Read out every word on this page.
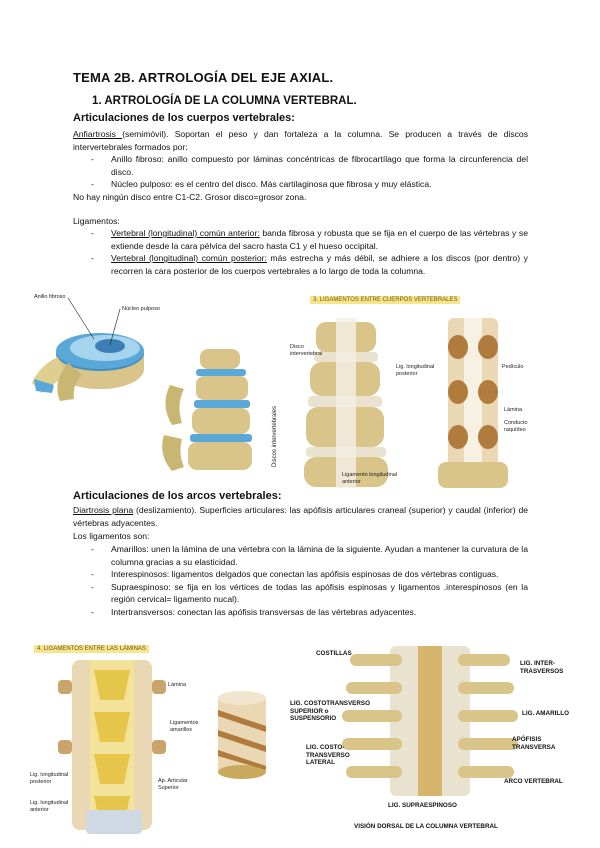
TEMA 2B. ARTROLOGÍA DEL EJE AXIAL.
1. ARTROLOGÍA DE LA COLUMNA VERTEBRAL.
Articulaciones de los cuerpos vertebrales:
Anfiartrosis (semimóvil). Soportan el peso y dan fortaleza a la columna. Se producen a través de discos intervertebrales formados por:
- Anillo fibroso: anillo compuesto por láminas concéntricas de fibrocartílago que forma la circunferencia del disco.
- Núcleo pulposo: es el centro del disco. Más cartilaginosa que fibrosa y muy elástica.
No hay ningún disco entre C1-C2. Grosor disco=grosor zona.
Ligamentos:
- Vertebral (longitudinal) común anterior: banda fibrosa y robusta que se fija en el cuerpo de las vértebras y se extiende desde la cara pélvica del sacro hasta C1 y el hueso occipital.
- Vertebral (longitudinal) común posterior: más estrecha y más débil, se adhiere a los discos (por dentro) y recorren la cara posterior de los cuerpos vertebrales a lo largo de toda la columna.
Anillo fibroso
Núcleo pulposo
Discos intervertebrales
3. LIGAMENTOS ENTRE CUERPOS VERTEBRALES
Disco intervertebral
Ligamento longitudinal anterior
Lig. longitudinal posterior
Pedículo
Lámina
Conducto raquídeo
Articulaciones de los arcos vertebrales:
Diartrosis plana (deslizamiento). Superficies articulares: las apófisis articulares craneal (superior) y caudal (inferior) de vértebras adyacentes.
Los ligamentos son:
- Amarillos: unen la lámina de una vértebra con la lámina de la siguiente. Ayudan a mantener la curvatura de la columna gracias a su elasticidad.
- Interespinosos: ligamentos delgados que conectan las apófisis espinosas de dos vértebras contiguas.
- Supraespinoso: se fija en los vértices de todas las apófisis espinosas y ligamentos .interespinosos (en la región cervical= ligamento nucal).
- Intertransversos: conectan las apófisis transversas de las vértebras adyacentes.
4. LIGAMENTOS ENTRE LAS LÁMINAS
Lámina
Ligamentos amarillos
Lig. longitudinal posterior	Ap. Articular Superior
Lig. longitudinal anterior
COSTILLAS
LIG. COSTOTRANSVERSO SUPERIOR o SUSPENSORIO
LIG. COSTO-TRANSVERSO LATERAL
LIG. INTER-TRASVERSOS
LIG. AMARILLO
APÓFISIS TRANSVERSA
ARCO VERTEBRAL
LIG. SUPRAESPINOSO
VISIÓN DORSAL DE LA COLUMNA VERTEBRAL
